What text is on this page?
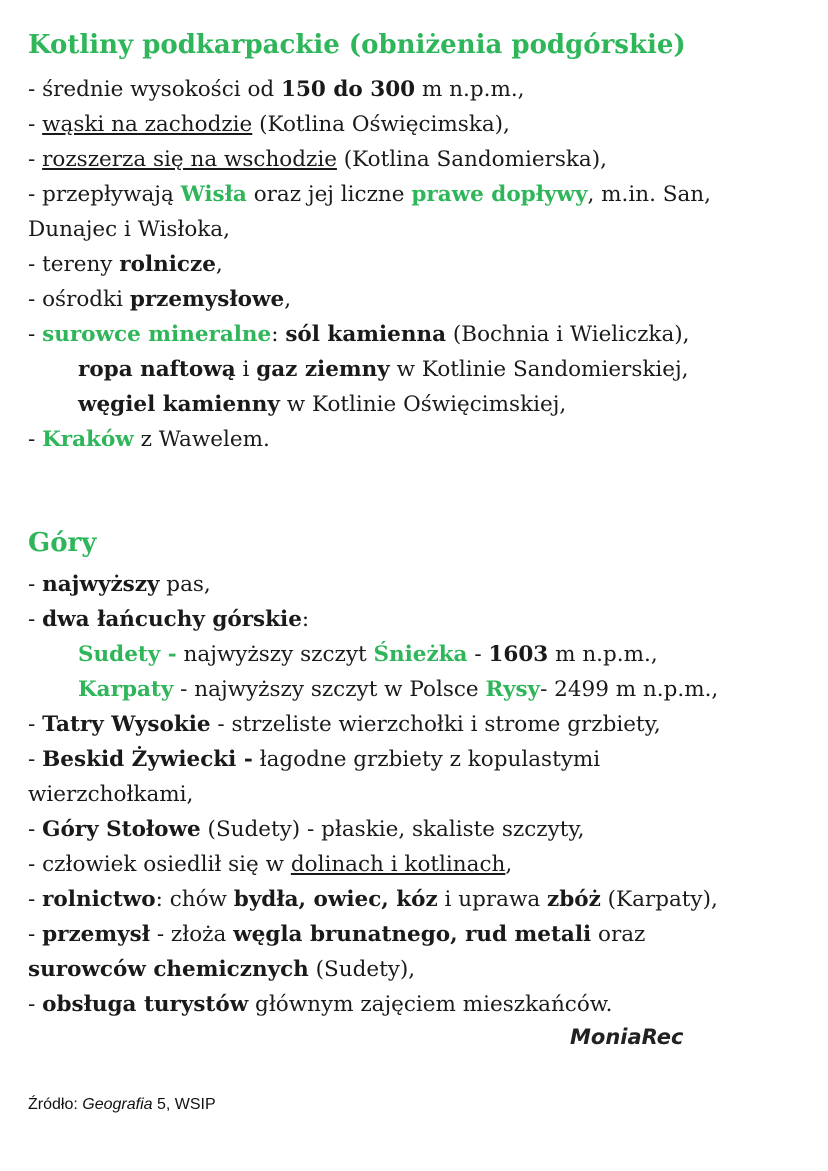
Kotliny podkarpackie (obniżenia podgórskie)

- średnie wysokości od 150 do 300 m n.p.m.,

- wąski na zachodzie (Kotlina Oświęcimska),

- rozszerza się na wschodzie (Kotlina Sandomierska),

- przepływają Wisła oraz jej liczne prawe dopływy, m.in. San,

Dunajec i Wisłoka,

- tereny rolnicze,

- ośrodki przemysłowe,

- surowce mineralne: sól kamienna (Bochnia i Wieliczka),

ropa naftową i gaz ziemny w Kotlinie Sandomierskiej,

węgiel kamienny w Kotlinie Oświęcimskiej,

- Kraków z Wawelem.

Góry

- najwyższy pas,

- dwa łańcuchy górskie:

Sudety - najwyższy szczyt Śnieżka - 1603 m n.p.m.,

Karpaty - najwyższy szczyt w Polsce Rysy- 2499 m n.p.m.,

- Tatry Wysokie - strzeliste wierzchołki i strome grzbiety,

- Beskid Żywiecki - łagodne grzbiety z kopulastymi

wierzchołkami,

- Góry Stołowe (Sudety) - płaskie, skaliste szczyty,

- człowiek osiedlił się w dolinach i kotlinach,

- rolnictwo: chów bydła, owiec, kóz i uprawa zbóż (Karpaty),

- przemysł - złoża węgla brunatnego, rud metali oraz

surowców chemicznych (Sudety),

- obsługa turystów głównym zajęciem mieszkańców.

MoniaRec
Źródło: Geografia 5, WSIP
